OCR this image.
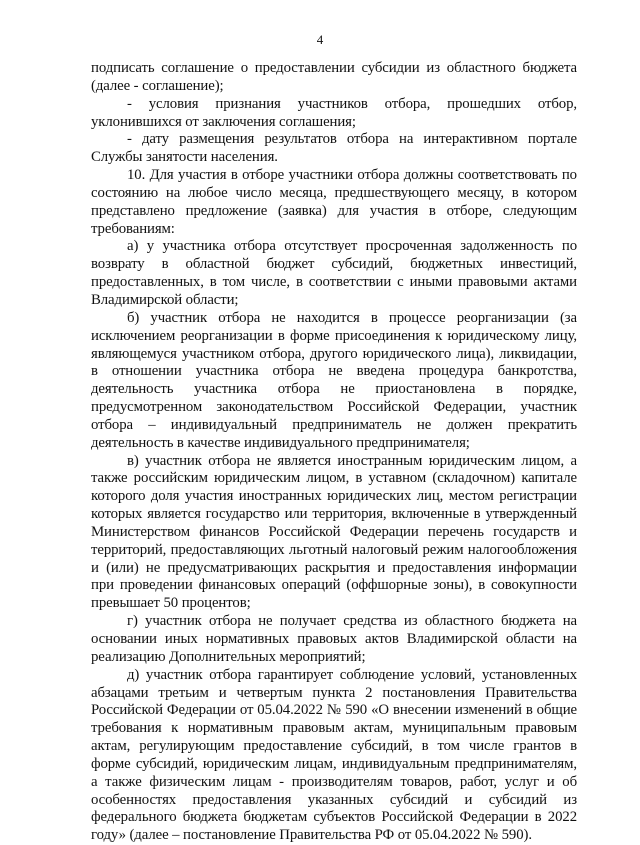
4

подписать соглашение о предоставлении субсидии из областного бюджета (далее - соглашение);

- условия признания участников отбора, прошедших отбор, уклонившихся от заключения соглашения;

- дату размещения результатов отбора на интерактивном портале Службы занятости населения.

10. Для участия в отборе участники отбора должны соответствовать по состоянию на любое число месяца, предшествующего месяцу, в котором представлено предложение (заявка) для участия в отборе, следующим требованиям:

а) у участника отбора отсутствует просроченная задолженность по возврату в областной бюджет субсидий, бюджетных инвестиций, предоставленных, в том числе, в соответствии с иными правовыми актами Владимирской области;

б) участник отбора не находится в процессе реорганизации (за исключением реорганизации в форме присоединения к юридическому лицу, являющемуся участником отбора, другого юридического лица), ликвидации, в отношении участника отбора не введена процедура банкротства, деятельность участника отбора не приостановлена в порядке, предусмотренном законодательством Российской Федерации, участник отбора – индивидуальный предприниматель не должен прекратить деятельность в качестве индивидуального предпринимателя;

в) участник отбора не является иностранным юридическим лицом, а также российским юридическим лицом, в уставном (складочном) капитале которого доля участия иностранных юридических лиц, местом регистрации которых является государство или территория, включенные в утвержденный Министерством финансов Российской Федерации перечень государств и территорий, предоставляющих льготный налоговый режим налогообложения и (или) не предусматривающих раскрытия и предоставления информации при проведении финансовых операций (оффшорные зоны), в совокупности превышает 50 процентов;

г) участник отбора не получает средства из областного бюджета на основании иных нормативных правовых актов Владимирской области на реализацию Дополнительных мероприятий;

д) участник отбора гарантирует соблюдение условий, установленных абзацами третьим и четвертым пункта 2 постановления Правительства Российской Федерации от 05.04.2022 № 590 «О внесении изменений в общие требования к нормативным правовым актам, муниципальным правовым актам, регулирующим предоставление субсидий, в том числе грантов в форме субсидий, юридическим лицам, индивидуальным предпринимателям, а также физическим лицам - производителям товаров, работ, услуг и об особенностях предоставления указанных субсидий и субсидий из федерального бюджета бюджетам субъектов Российской Федерации в 2022 году» (далее – постановление Правительства РФ от 05.04.2022 № 590).
